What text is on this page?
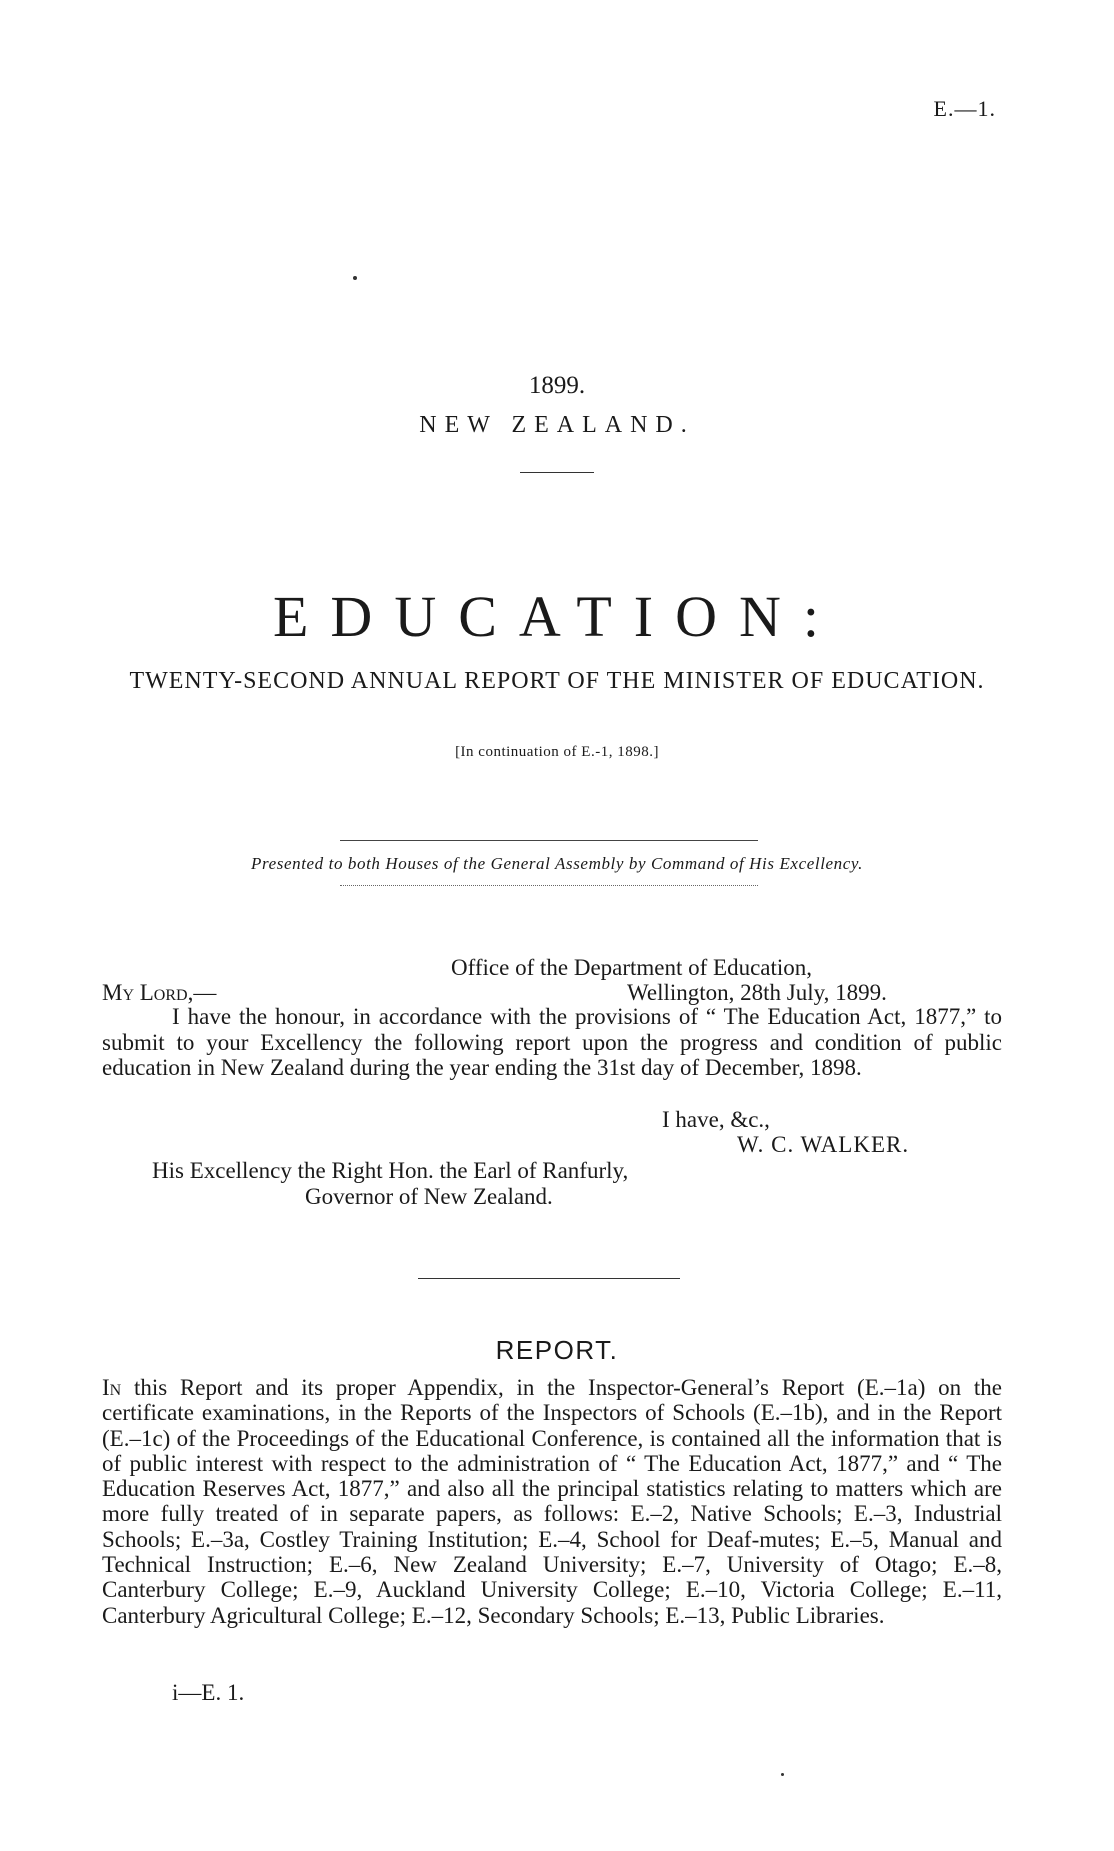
E.—1.
1899.
NEW ZEALAND.
EDUCATION:
TWENTY-SECOND ANNUAL REPORT OF THE MINISTER OF EDUCATION.
[In continuation of E.-1, 1898.]
Presented to both Houses of the General Assembly by Command of His Excellency.
Office of the Department of Education,
My Lord,—	Wellington, 28th July, 1899.
I have the honour, in accordance with the provisions of “ The Education Act, 1877,” to submit to your Excellency the following report upon the progress and condition of public education in New Zealand during the year ending the 31st day of December, 1898.
I have, &c.,
W. C. WALKER.
His Excellency the Right Hon. the Earl of Ranfurly,
Governor of New Zealand.
REPORT.
In this Report and its proper Appendix, in the Inspector-General’s Report (E.–1a) on the certificate examinations, in the Reports of the Inspectors of Schools (E.–1b), and in the Report (E.–1c) of the Proceedings of the Educational Conference, is contained all the information that is of public interest with respect to the administration of “ The Education Act, 1877,” and “ The Education Reserves Act, 1877,” and also all the principal statistics relating to matters which are more fully treated of in separate papers, as follows: E.–2, Native Schools; E.–3, Industrial Schools; E.–3a, Costley Training Institution; E.–4, School for Deaf-mutes; E.–5, Manual and Technical Instruction; E.–6, New Zealand University; E.–7, University of Otago; E.–8, Canterbury College; E.–9, Auckland University College; E.–10, Victoria College; E.–11, Canterbury Agricultural College; E.–12, Secondary Schools; E.–13, Public Libraries.
i—E. 1.
